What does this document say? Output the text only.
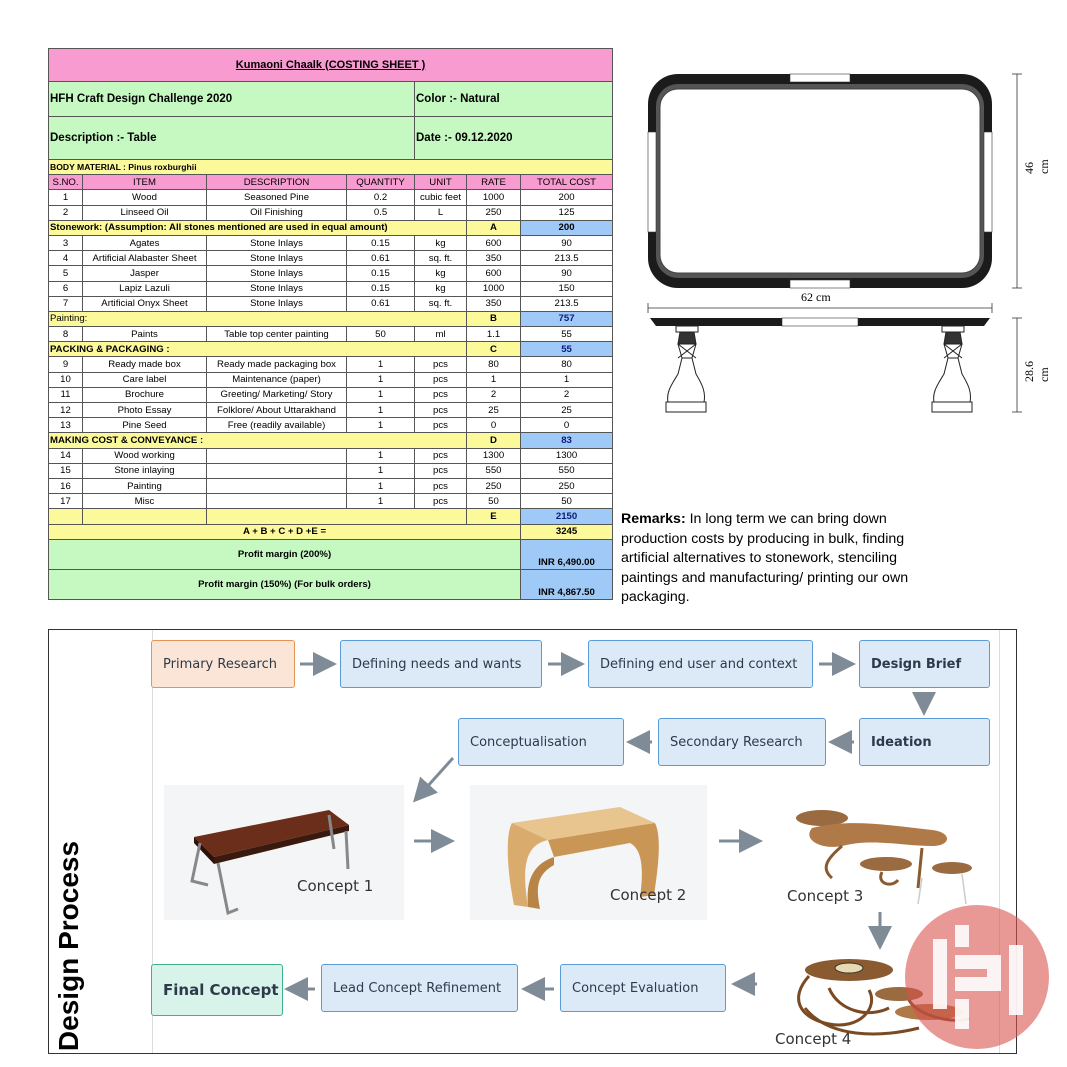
Kumaoni Chaalk (COSTING SHEET )						
HFH Craft Design Challenge 2020				Color :- Natural		
Description :- Table				Date :- 09.12.2020		
BODY MATERIAL : Pinus roxburghii						
S.NO.	ITEM	DESCRIPTION	QUANTITY	UNIT	RATE	TOTAL COST
1	Wood	Seasoned Pine	0.2	cubic feet	1000	200
2	Linseed Oil	Oil Finishing	0.5	L	250	125
Stonework: (Assumption: All stones mentioned are used in equal amount)					A	200
3	Agates	Stone Inlays	0.15	kg	600	90
4	Artificial Alabaster Sheet	Stone Inlays	0.61	sq. ft.	350	213.5
5	Jasper	Stone Inlays	0.15	kg	600	90
6	Lapiz Lazuli	Stone Inlays	0.15	kg	1000	150
7	Artificial Onyx Sheet	Stone Inlays	0.61	sq. ft.	350	213.5
Painting:					B	757
8	Paints	Table top center painting	50	ml	1.1	55
PACKING & PACKAGING :					C	55
9	Ready made box	Ready made packaging box	1	pcs	80	80
10	Care label	Maintenance (paper)	1	pcs	1	1
11	Brochure	Greeting/ Marketing/ Story	1	pcs	2	2
12	Photo Essay	Folklore/ About Uttarakhand	1	pcs	25	25
13	Pine Seed	Free (readily available)	1	pcs	0	0
MAKING COST & CONVEYANCE :					D	83
14	Wood working		1	pcs	1300	1300
15	Stone inlaying		1	pcs	550	550
16	Painting		1	pcs	250	250
17	Misc		1	pcs	50	50
					E	2150
A + B + C + D +E =						3245
Profit margin (200%)						INR 6,490.00
Profit margin (150%) (For bulk orders)						INR 4,867.50
46 cm
62 cm
28.6 cm
Remarks: In long term we can bring down production costs by producing in bulk, finding artificial alternatives to stonework, stenciling paintings and manufacturing/ printing our own packaging.
Design Process
Primary Research	Defining needs and wants	Defining end user and context	Design Brief
Ideation
Secondary Research
Conceptualisation
Concept Evaluation
Lead Concept Refinement
Final Concept
Concept 1	Concept 2	Concept 3
Concept 4
